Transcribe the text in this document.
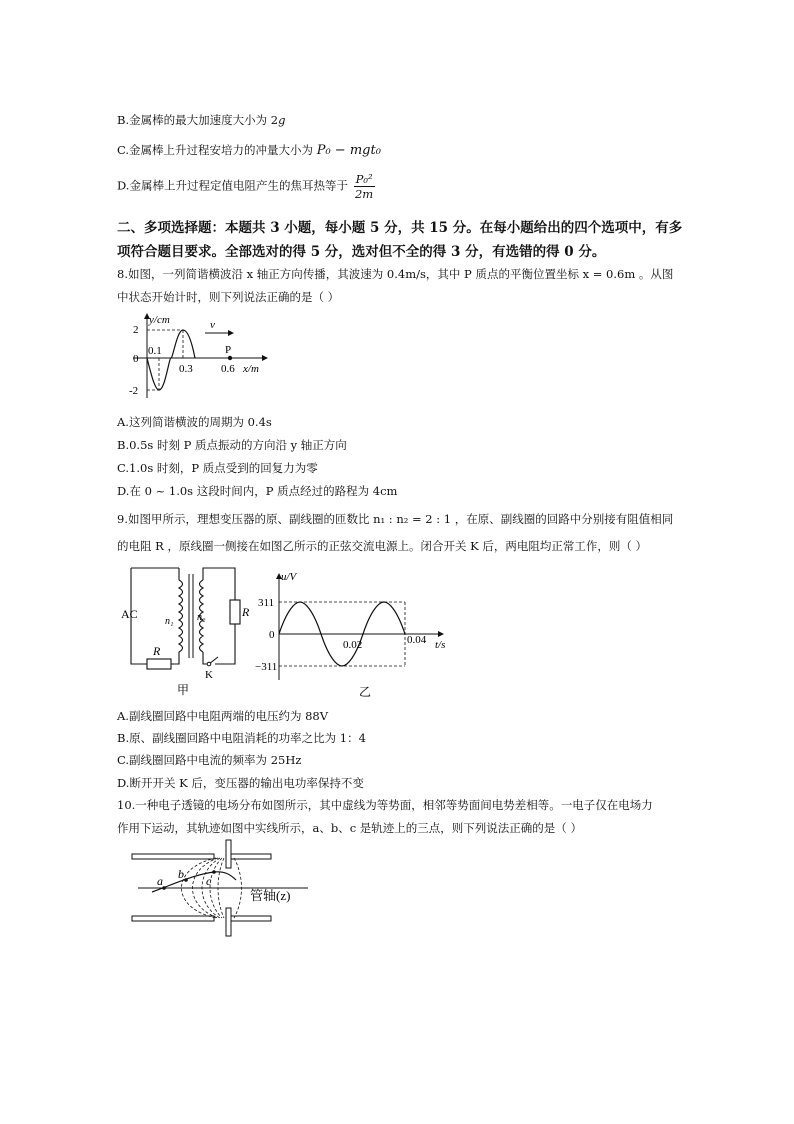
B.金属棒的最大加速度大小为 2g
C.金属棒上升过程安培力的冲量大小为 P₀ − mgt₀
D.金属棒上升过程定值电阻产生的焦耳热等于 $\frac{\text{P₀²}}{2m}$
二、多项选择题：本题共 3 小题，每小题 5 分，共 15 分。在每小题给出的四个选项中，有多
项符合题目要求。全部选对的得 5 分，选对但不全的得 3 分，有选错的得 0 分。
8.如图，一列简谐横波沿 x 轴正方向传播，其波速为 0.4m/s，其中 P 质点的平衡位置坐标 x = 0.6m 。从图
中状态开始计时，则下列说法正确的是（ ）
v
P
y/cm
2
0
-2
0.1
0.3	0.6 x/m
A.这列简谐横波的周期为 0.4s
B.0.5s 时刻 P 质点振动的方向沿 y 轴正方向
C.1.0s 时刻，P 质点受到的回复力为零
D.在 0 ~ 1.0s 这段时间内，P 质点经过的路程为 4cm
9.如图甲所示，理想变压器的原、副线圈的匝数比 n₁ : n₂ = 2 : 1 ，在原、副线圈的回路中分别接有阻值相同
的电阻 R ，原线圈一侧接在如图乙所示的正弦交流电源上。闭合开关 K 后，两电阻均正常工作，则（ ）
AC
n₁ n₂
R
R
K
甲
u/V
311
0
−311
0.02	0.04 t/s
乙
A.副线圈回路中电阻两端的电压约为 88V
B.原、副线圈回路中电阻消耗的功率之比为 1：4
C.副线圈回路中电流的频率为 25Hz
D.断开开关 K 后，变压器的输出电功率保持不变
10.一种电子透镜的电场分布如图所示，其中虚线为等势面，相邻等势面间电势差相等。一电子仅在电场力
作用下运动，其轨迹如图中实线所示，a、b、c 是轨迹上的三点，则下列说法正确的是（ ）
a b c
管轴(z)
